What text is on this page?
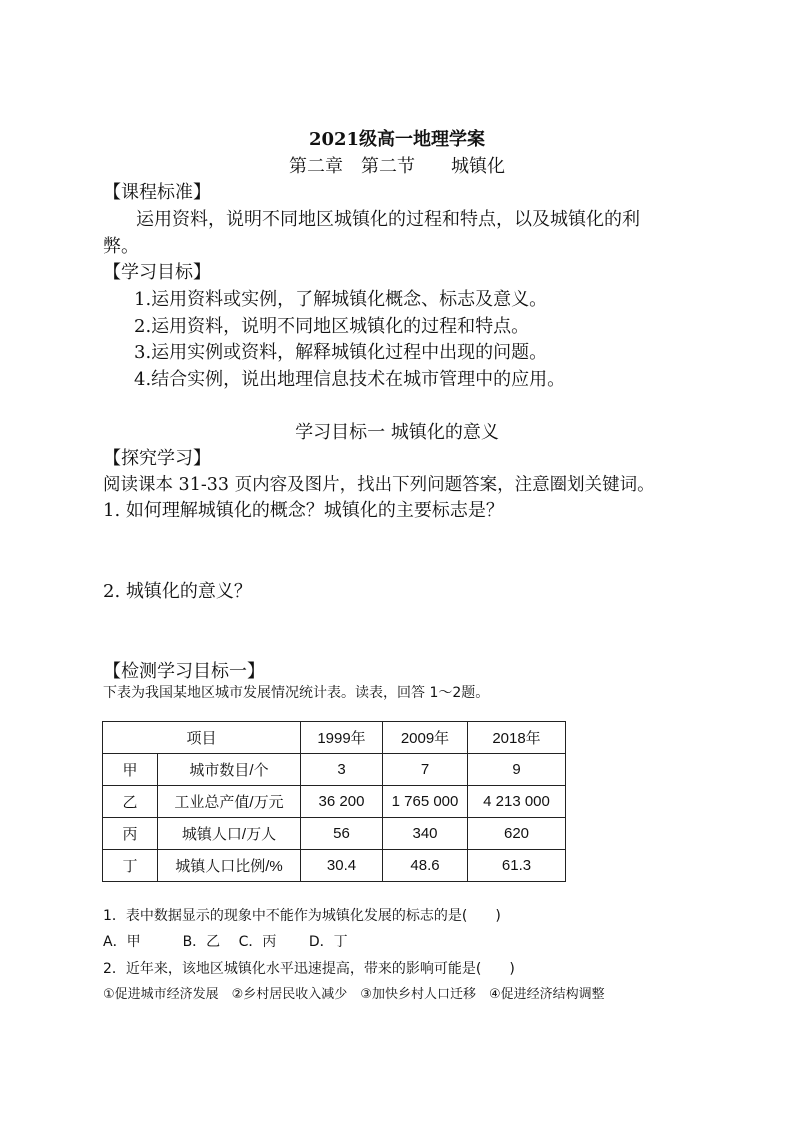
2021级高一地理学案
第二章　第二节　　城镇化
【课程标准】
运用资料，说明不同地区城镇化的过程和特点，以及城镇化的利
弊。
【学习目标】
1.运用资料或实例，了解城镇化概念、标志及意义。
2.运用资料，说明不同地区城镇化的过程和特点。
3.运用实例或资料，解释城镇化过程中出现的问题。
4.结合实例，说出地理信息技术在城市管理中的应用。
学习目标一 城镇化的意义
【探究学习】
阅读课本 31-33 页内容及图片，找出下列问题答案，注意圈划关键词。
1. 如何理解城镇化的概念？城镇化的主要标志是？
2. 城镇化的意义？
【检测学习目标一】
下表为我国某地区城市发展情况统计表。读表，回答 1～2题。
项目		1999年	2009年	2018年
甲	城市数目/个	3	7	9
乙	工业总产值/万元	36 200	1 765 000	4 213 000
丙	城镇人口/万人	56	340	620
丁	城镇人口比例/%	30.4	48.6	61.3
1．表中数据显示的现象中不能作为城镇化发展的标志的是(　　)
A．甲　　　B．乙　 C．丙　　 D．丁
2．近年来，该地区城镇化水平迅速提高，带来的影响可能是(　　)
①促进城市经济发展　②乡村居民收入减少　③加快乡村人口迁移　④促进经济结构调整
